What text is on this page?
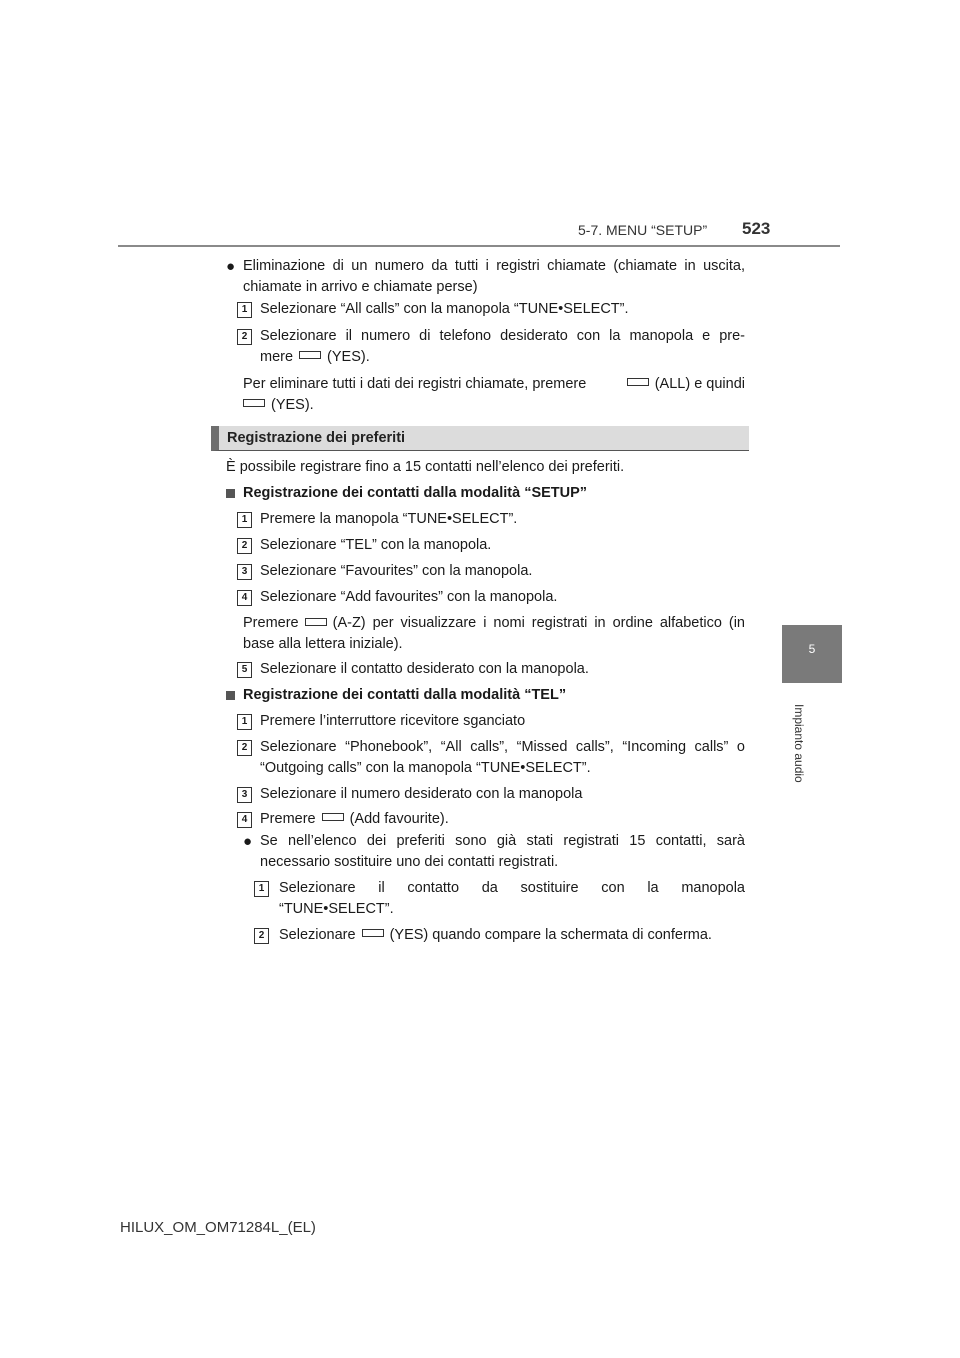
5-7. MENU “SETUP” 523
5
Impianto audio
● Eliminazione di un numero da tutti i registri chiamate (chiamate in uscita,
chiamate in arrivo e chiamate perse)
1 Selezionare “All calls” con la manopola “TUNE•SELECT”.
2 Selezionare il numero di telefono desiderato con la manopola e pre-
mere (YES).
Per eliminare tutti i dati dei registri chiamate, premere	(ALL) e quindi
(YES).
Registrazione dei preferiti
È possibile registrare fino a 15 contatti nell’elenco dei preferiti.
Registrazione dei contatti dalla modalità “SETUP”
1 Premere la manopola “TUNE•SELECT”.
2 Selezionare “TEL” con la manopola.
3 Selezionare “Favourites” con la manopola.
4 Selezionare “Add favourites” con la manopola.
Premere (A-Z) per visualizzare i nomi registrati in ordine alfabetico (in
base alla lettera iniziale).
5 Selezionare il contatto desiderato con la manopola.
Registrazione dei contatti dalla modalità “TEL”
1 Premere l’interruttore ricevitore sganciato
2 Selezionare “Phonebook”, “All calls”, “Missed calls”, “Incoming calls” o
“Outgoing calls” con la manopola “TUNE•SELECT”.
3 Selezionare il numero desiderato con la manopola
4 Premere (Add favourite).
● Se nell’elenco dei preferiti sono già stati registrati 15 contatti, sarà
necessario sostituire uno dei contatti registrati.
1	Selezionare il contatto da sostituire con la manopola
“TUNE•SELECT”.
2	Selezionare (YES) quando compare la schermata di conferma.
HILUX_OM_OM71284L_(EL)
